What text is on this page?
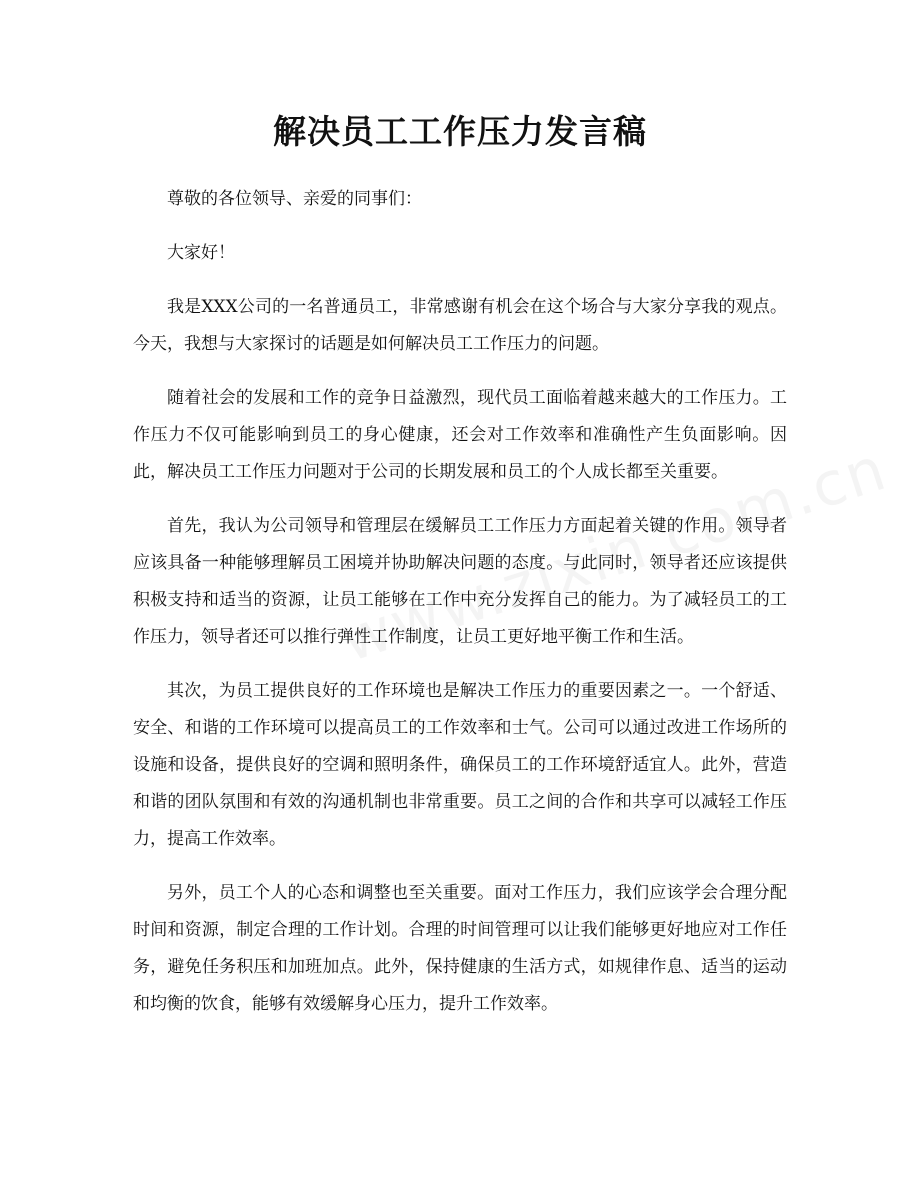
解决员工工作压力发言稿

尊敬的各位领导、亲爱的同事们：

大家好！

我是XXX公司的一名普通员工，非常感谢有机会在这个场合与大家分享我的观点。今天，我想与大家探讨的话题是如何解决员工工作压力的问题。

随着社会的发展和工作的竞争日益激烈，现代员工面临着越来越大的工作压力。工作压力不仅可能影响到员工的身心健康，还会对工作效率和准确性产生负面影响。因此，解决员工工作压力问题对于公司的长期发展和员工的个人成长都至关重要。

首先，我认为公司领导和管理层在缓解员工工作压力方面起着关键的作用。领导者应该具备一种能够理解员工困境并协助解决问题的态度。与此同时，领导者还应该提供积极支持和适当的资源，让员工能够在工作中充分发挥自己的能力。为了减轻员工的工作压力，领导者还可以推行弹性工作制度，让员工更好地平衡工作和生活。

其次，为员工提供良好的工作环境也是解决工作压力的重要因素之一。一个舒适、安全、和谐的工作环境可以提高员工的工作效率和士气。公司可以通过改进工作场所的设施和设备，提供良好的空调和照明条件，确保员工的工作环境舒适宜人。此外，营造和谐的团队氛围和有效的沟通机制也非常重要。员工之间的合作和共享可以减轻工作压力，提高工作效率。

另外，员工个人的心态和调整也至关重要。面对工作压力，我们应该学会合理分配时间和资源，制定合理的工作计划。合理的时间管理可以让我们能够更好地应对工作任务，避免任务积压和加班加点。此外，保持健康的生活方式，如规律作息、适当的运动和均衡的饮食，能够有效缓解身心压力，提升工作效率。
